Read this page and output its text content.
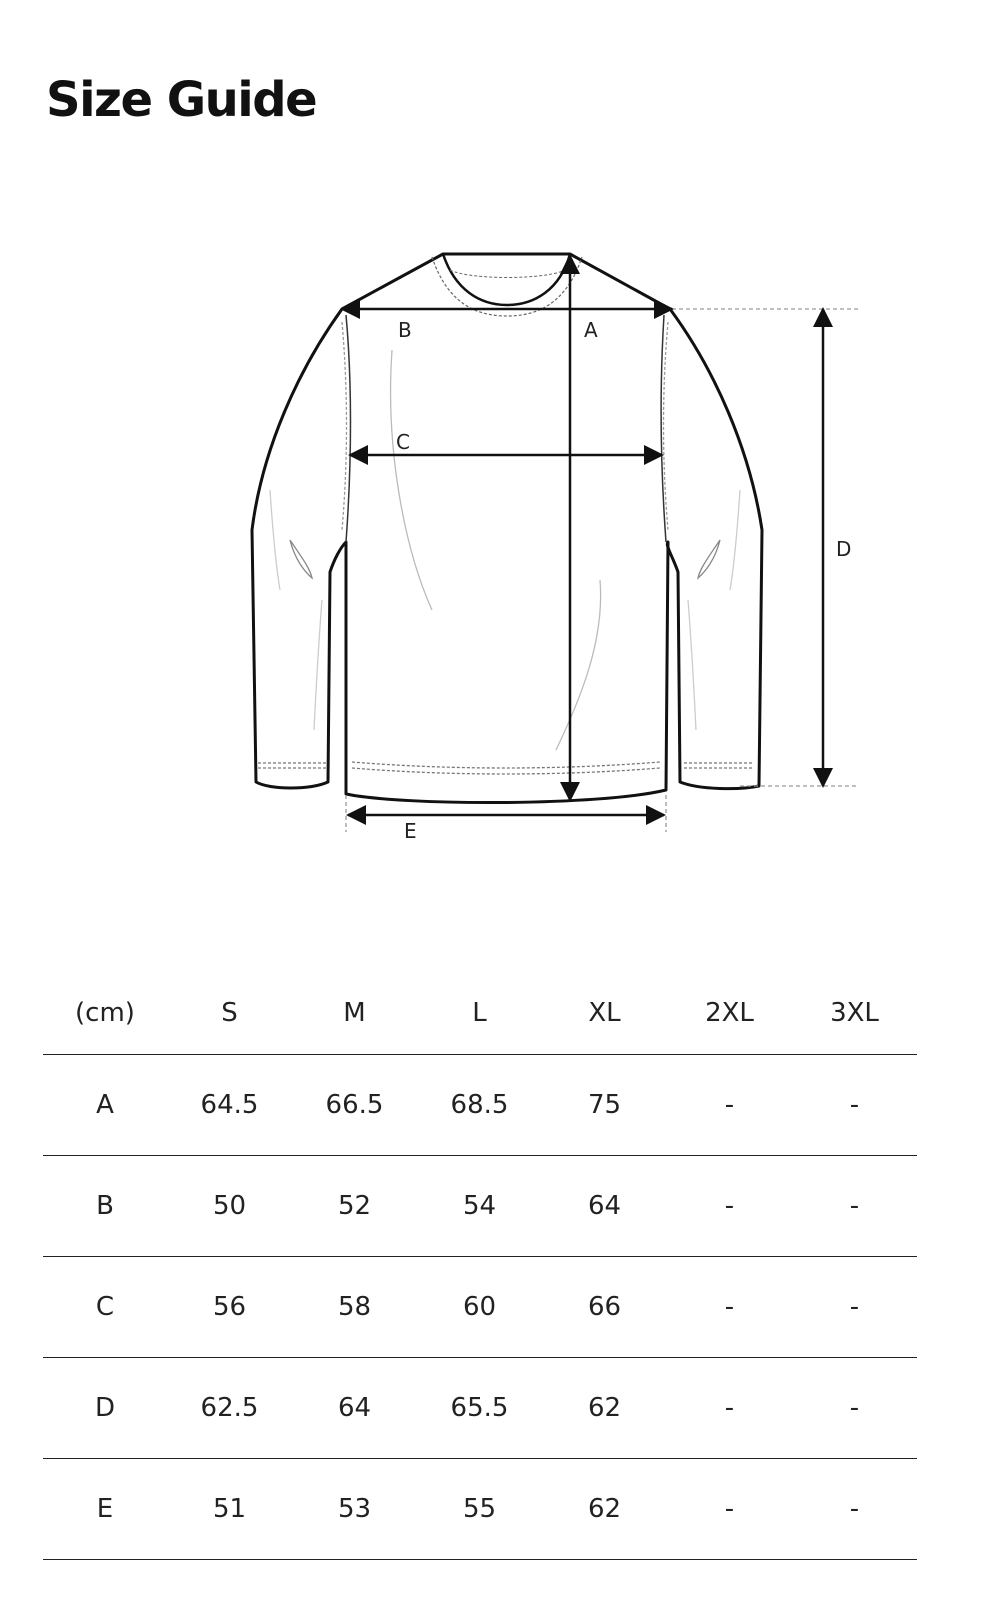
Size Guide
B	A
C
D
E
(cm)	S	M	L	XL	2XL	3XL
A	64.5	66.5	68.5	75	-	-
B	50	52	54	64	-	-
C	56	58	60	66	-	-
D	62.5	64	65.5	62	-	-
E	51	53	55	62	-	-
